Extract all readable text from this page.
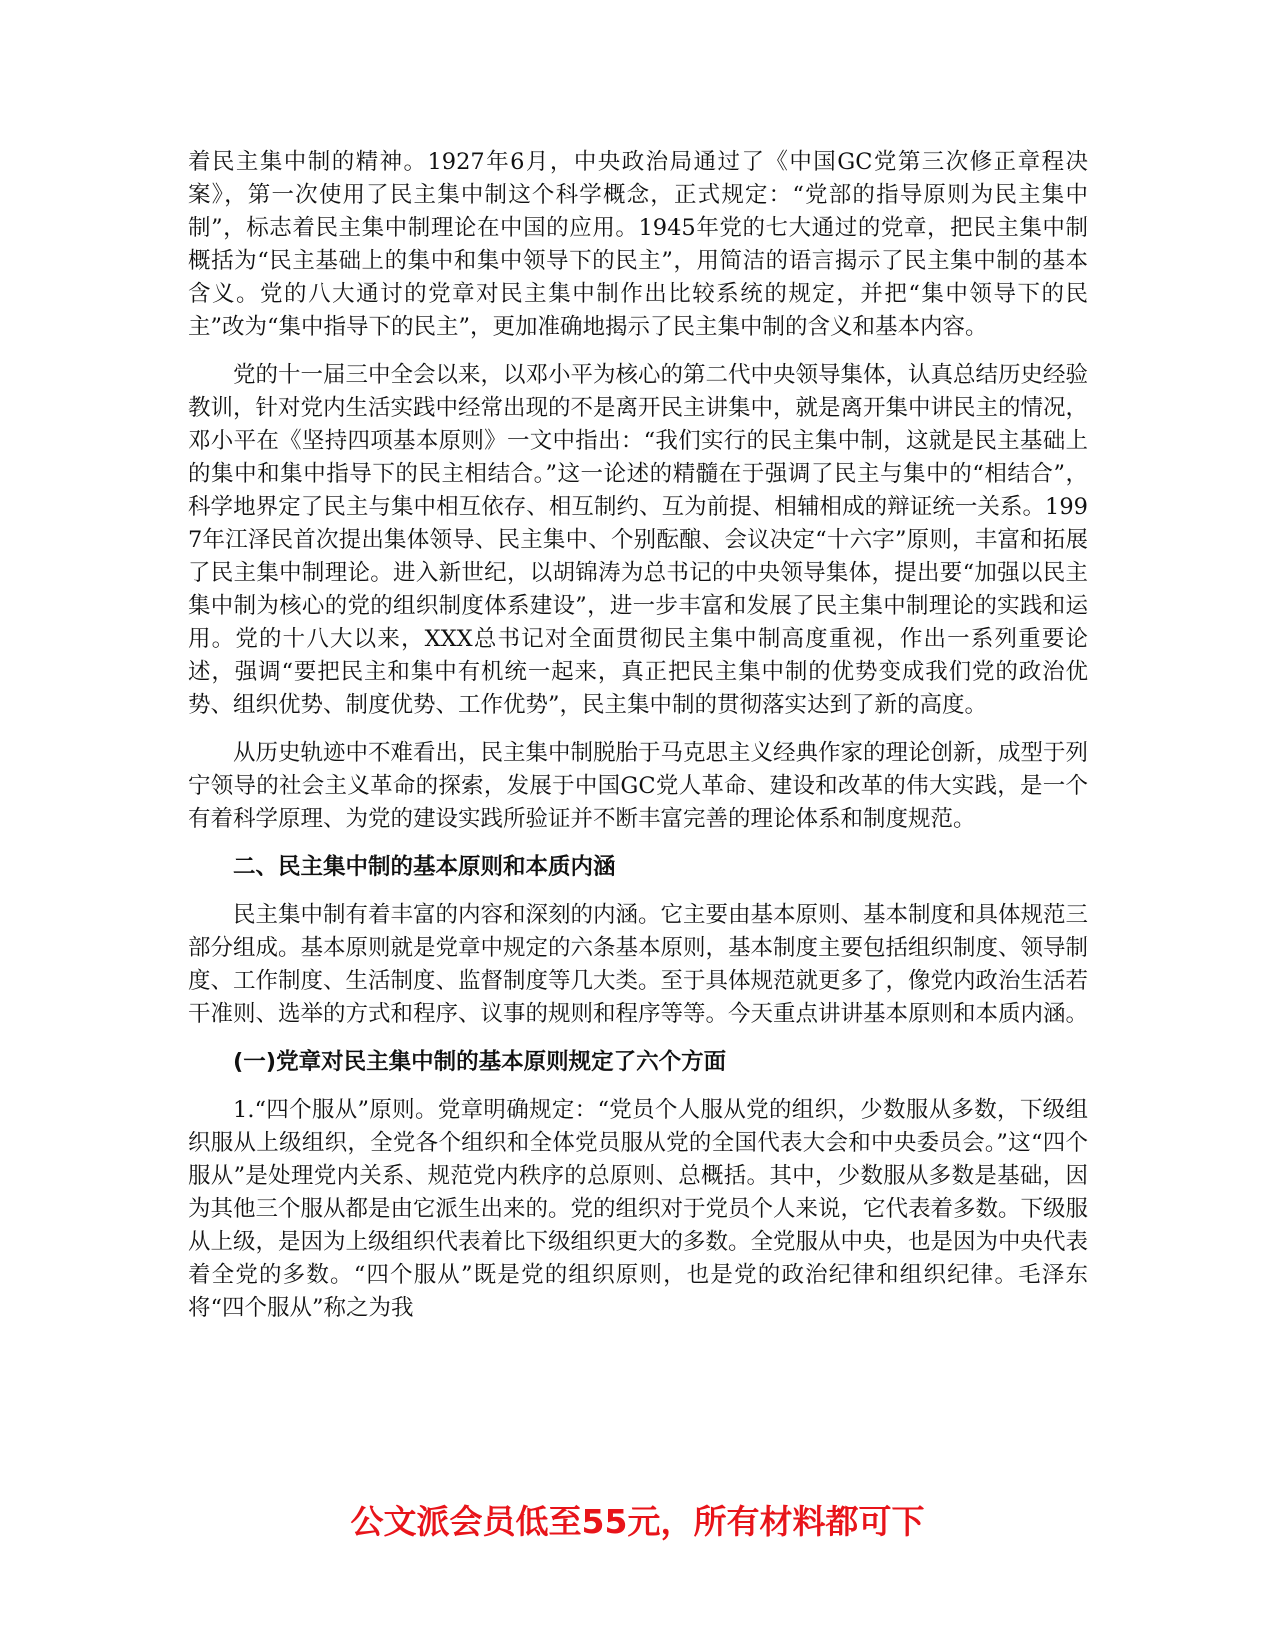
着民主集中制的精神。1927年6月，中央政治局通过了《中国GC党第三次修正章程决案》，第一次使用了民主集中制这个科学概念，正式规定：“党部的指导原则为民主集中制”，标志着民主集中制理论在中国的应用。1945年党的七大通过的党章，把民主集中制概括为“民主基础上的集中和集中领导下的民主”，用简洁的语言揭示了民主集中制的基本含义。党的八大通讨的党章对民主集中制作出比较系统的规定，并把“集中领导下的民主”改为“集中指导下的民主”，更加准确地揭示了民主集中制的含义和基本内容。

党的十一届三中全会以来，以邓小平为核心的第二代中央领导集体，认真总结历史经验教训，针对党内生活实践中经常出现的不是离开民主讲集中，就是离开集中讲民主的情况，邓小平在《坚持四项基本原则》一文中指出：“我们实行的民主集中制，这就是民主基础上的集中和集中指导下的民主相结合。”这一论述的精髓在于强调了民主与集中的“相结合”，科学地界定了民主与集中相互依存、相互制约、互为前提、相辅相成的辩证统一关系。1997年江泽民首次提出集体领导、民主集中、个别酝酿、会议决定“十六字”原则，丰富和拓展了民主集中制理论。进入新世纪，以胡锦涛为总书记的中央领导集体，提出要“加强以民主集中制为核心的党的组织制度体系建设”，进一步丰富和发展了民主集中制理论的实践和运用。党的十八大以来，XXX总书记对全面贯彻民主集中制高度重视，作出一系列重要论述，强调“要把民主和集中有机统一起来，真正把民主集中制的优势变成我们党的政治优势、组织优势、制度优势、工作优势”，民主集中制的贯彻落实达到了新的高度。

从历史轨迹中不难看出，民主集中制脱胎于马克思主义经典作家的理论创新，成型于列宁领导的社会主义革命的探索，发展于中国GC党人革命、建设和改革的伟大实践，是一个有着科学原理、为党的建设实践所验证并不断丰富完善的理论体系和制度规范。

二、民主集中制的基本原则和本质内涵

民主集中制有着丰富的内容和深刻的内涵。它主要由基本原则、基本制度和具体规范三部分组成。基本原则就是党章中规定的六条基本原则，基本制度主要包括组织制度、领导制度、工作制度、生活制度、监督制度等几大类。至于具体规范就更多了，像党内政治生活若干准则、选举的方式和程序、议事的规则和程序等等。今天重点讲讲基本原则和本质内涵。

(一)党章对民主集中制的基本原则规定了六个方面

1.“四个服从”原则。党章明确规定：“党员个人服从党的组织，少数服从多数，下级组织服从上级组织，全党各个组织和全体党员服从党的全国代表大会和中央委员会。”这“四个服从”是处理党内关系、规范党内秩序的总原则、总概括。其中，少数服从多数是基础，因为其他三个服从都是由它派生出来的。党的组织对于党员个人来说，它代表着多数。下级服从上级，是因为上级组织代表着比下级组织更大的多数。全党服从中央，也是因为中央代表着全党的多数。“四个服从”既是党的组织原则，也是党的政治纪律和组织纪律。毛泽东将“四个服从”称之为我

公文派会员低至55元，所有材料都可下
